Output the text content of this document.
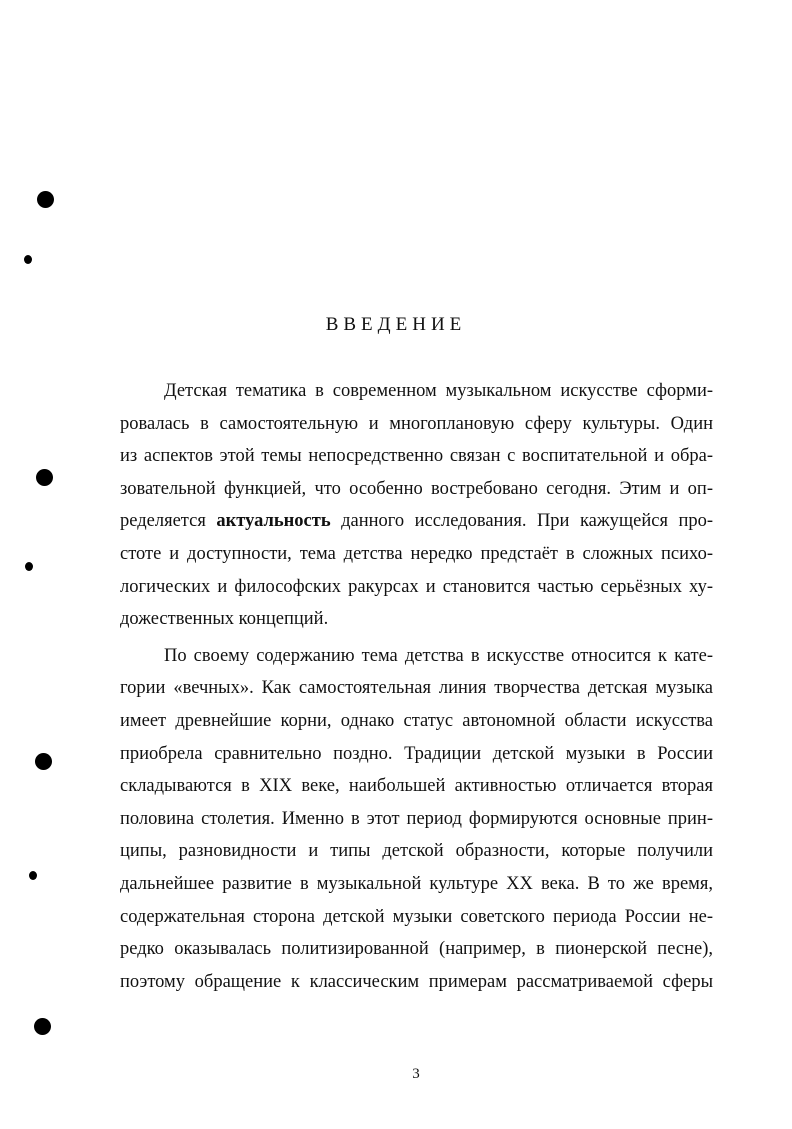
ВВЕДЕНИЕ
Детская тематика в современном музыкальном искусстве сформи-
ровалась в самостоятельную и многоплановую сферу культуры. Один
из аспектов этой темы непосредственно связан с воспитательной и обра-
зовательной функцией, что особенно востребовано сегодня. Этим и оп-
ределяется актуальность данного исследования. При кажущейся про-
стоте и доступности, тема детства нередко предстаёт в сложных психо-
логических и философских ракурсах и становится частью серьёзных ху-
дожественных концепций.
По своему содержанию тема детства в искусстве относится к кате-
гории «вечных». Как самостоятельная линия творчества детская музыка
имеет древнейшие корни, однако статус автономной области искусства
приобрела сравнительно поздно. Традиции детской музыки в России
складываются в XIX веке, наибольшей активностью отличается вторая
половина столетия. Именно в этот период формируются основные прин-
ципы, разновидности и типы детской образности, которые получили
дальнейшее развитие в музыкальной культуре XX века. В то же время,
содержательная сторона детской музыки советского периода России не-
редко оказывалась политизированной (например, в пионерской песне),
поэтому обращение к классическим примерам рассматриваемой сферы
3
